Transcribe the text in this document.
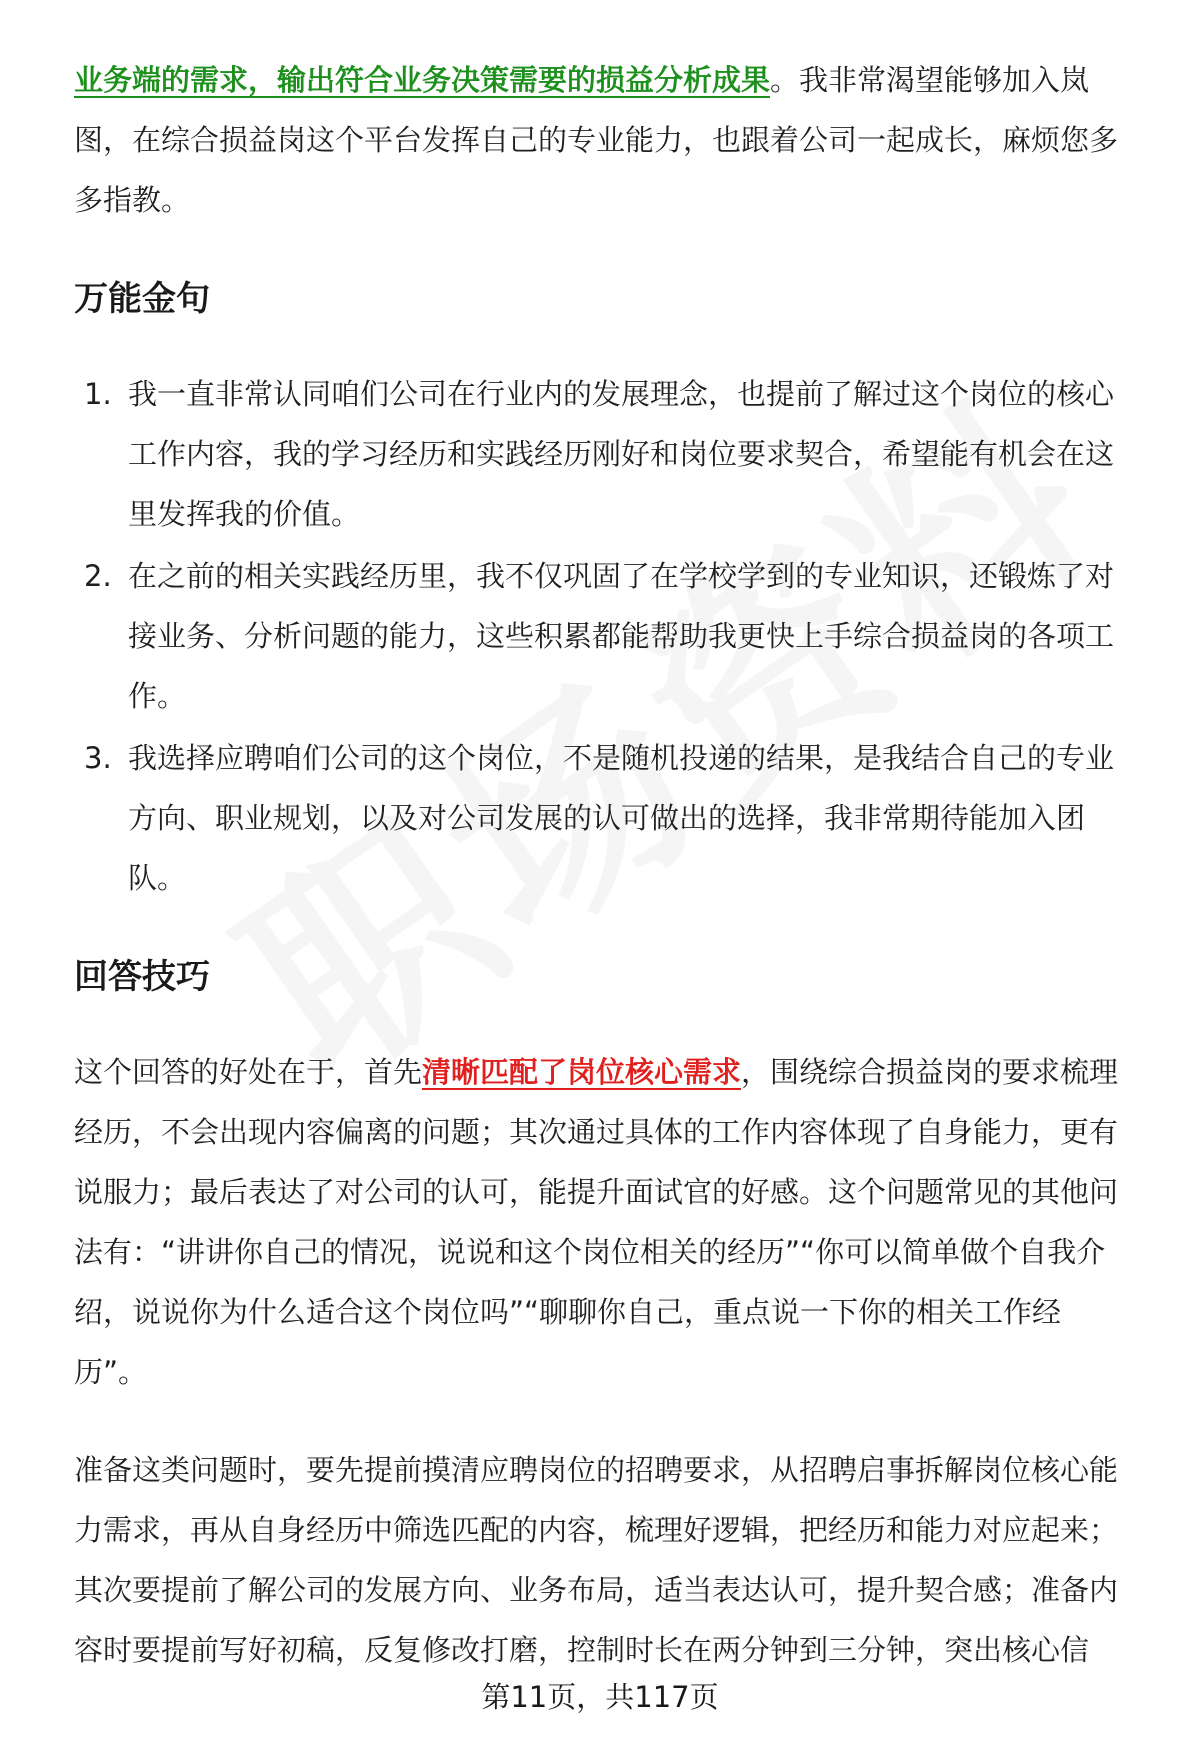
业务端的需求，输出符合业务决策需要的损益分析成果。我非常渴望能够加入岚图，在综合损益岗这个平台发挥自己的专业能力，也跟着公司一起成长，麻烦您多多指教。

万能金句
1. 我一直非常认同咱们公司在行业内的发展理念，也提前了解过这个岗位的核心工作内容，我的学习经历和实践经历刚好和岗位要求契合，希望能有机会在这里发挥我的价值。
2. 在之前的相关实践经历里，我不仅巩固了在学校学到的专业知识，还锻炼了对接业务、分析问题的能力，这些积累都能帮助我更快上手综合损益岗的各项工作。
3. 我选择应聘咱们公司的这个岗位，不是随机投递的结果，是我结合自己的专业方向、职业规划，以及对公司发展的认可做出的选择，我非常期待能加入团队。
回答技巧

这个回答的好处在于，首先清晰匹配了岗位核心需求，围绕综合损益岗的要求梳理经历，不会出现内容偏离的问题；其次通过具体的工作内容体现了自身能力，更有说服力；最后表达了对公司的认可，能提升面试官的好感。这个问题常见的其他问法有：“讲讲你自己的情况，说说和这个岗位相关的经历”“你可以简单做个自我介绍，说说你为什么适合这个岗位吗”“聊聊你自己，重点说一下你的相关工作经历”。

准备这类问题时，要先提前摸清应聘岗位的招聘要求，从招聘启事拆解岗位核心能力需求，再从自身经历中筛选匹配的内容，梳理好逻辑，把经历和能力对应起来；其次要提前了解公司的发展方向、业务布局，适当表达认可，提升契合感；准备内容时要提前写好初稿，反复修改打磨，控制时长在两分钟到三分钟，突出核心信

第11页，共117页
